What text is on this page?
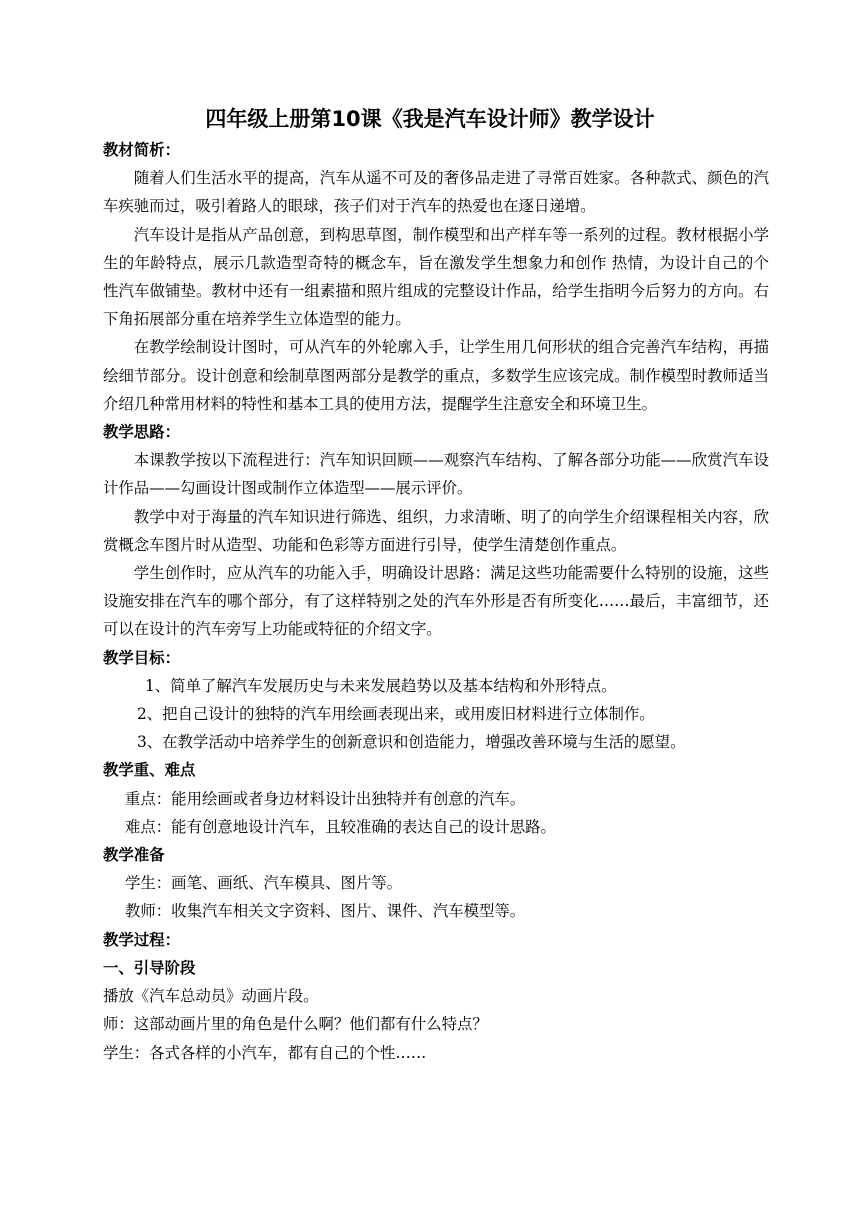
四年级上册第10课《我是汽车设计师》教学设计

教材简析：

随着人们生活水平的提高，汽车从遥不可及的奢侈品走进了寻常百姓家。各种款式、颜色的汽车疾驰而过，吸引着路人的眼球，孩子们对于汽车的热爱也在逐日递增。

汽车设计是指从产品创意，到构思草图，制作模型和出产样车等一系列的过程。教材根据小学生的年龄特点，展示几款造型奇特的概念车，旨在激发学生想象力和创作 热情，为设计自己的个性汽车做铺垫。教材中还有一组素描和照片组成的完整设计作品，给学生指明今后努力的方向。右下角拓展部分重在培养学生立体造型的能力。

在教学绘制设计图时，可从汽车的外轮廓入手，让学生用几何形状的组合完善汽车结构，再描绘细节部分。设计创意和绘制草图两部分是教学的重点，多数学生应该完成。制作模型时教师适当介绍几种常用材料的特性和基本工具的使用方法，提醒学生注意安全和环境卫生。

教学思路：

本课教学按以下流程进行：汽车知识回顾——观察汽车结构、了解各部分功能——欣赏汽车设计作品——勾画设计图或制作立体造型——展示评价。

教学中对于海量的汽车知识进行筛选、组织，力求清晰、明了的向学生介绍课程相关内容，欣赏概念车图片时从造型、功能和色彩等方面进行引导，使学生清楚创作重点。

学生创作时，应从汽车的功能入手，明确设计思路：满足这些功能需要什么特别的设施，这些设施安排在汽车的哪个部分，有了这样特别之处的汽车外形是否有所变化……最后，丰富细节，还可以在设计的汽车旁写上功能或特征的介绍文字。

教学目标：

1、简单了解汽车发展历史与未来发展趋势以及基本结构和外形特点。

2、把自己设计的独特的汽车用绘画表现出来，或用废旧材料进行立体制作。

3、在教学活动中培养学生的创新意识和创造能力，增强改善环境与生活的愿望。

教学重、难点

重点：能用绘画或者身边材料设计出独特并有创意的汽车。

难点：能有创意地设计汽车，且较准确的表达自己的设计思路。

教学准备

学生：画笔、画纸、汽车模具、图片等。

教师：收集汽车相关文字资料、图片、课件、汽车模型等。

教学过程：

一、引导阶段

播放《汽车总动员》动画片段。

师：这部动画片里的角色是什么啊？他们都有什么特点？

学生：各式各样的小汽车，都有自己的个性……
